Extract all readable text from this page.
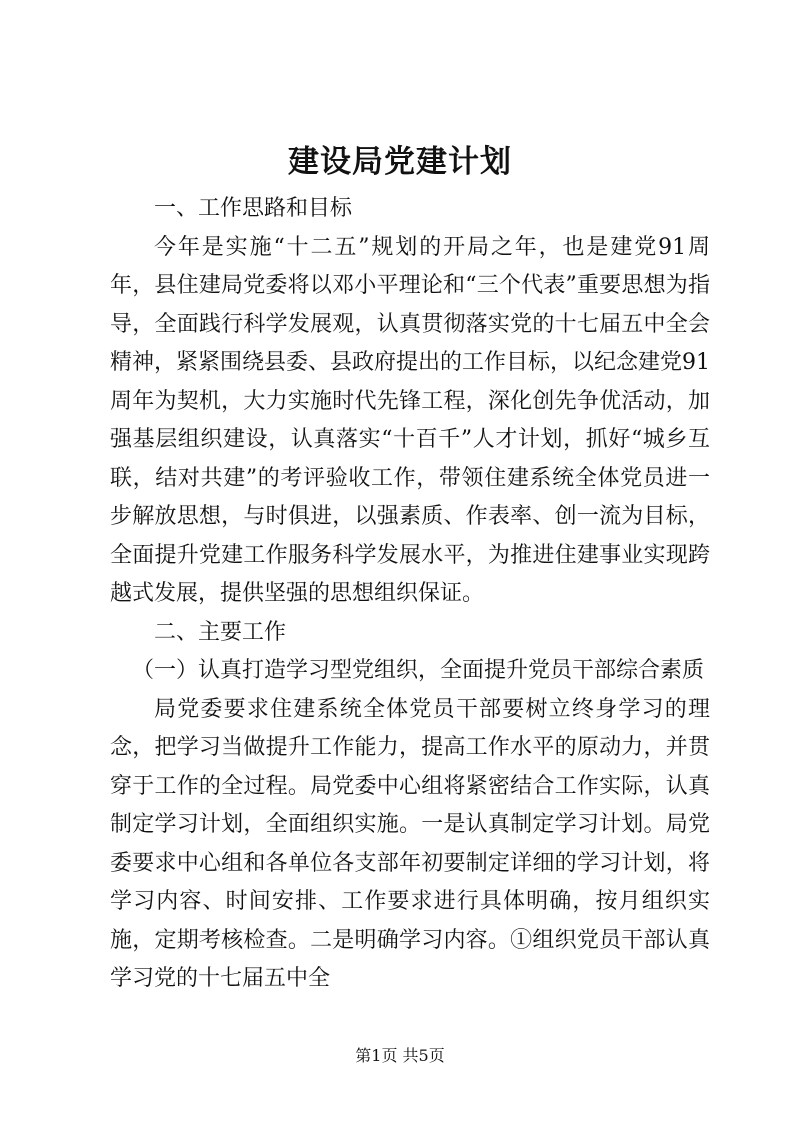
建设局党建计划

一、工作思路和目标

今年是实施“十二五”规划的开局之年，也是建党91周年，县住建局党委将以邓小平理论和“三个代表”重要思想为指导，全面践行科学发展观，认真贯彻落实党的十七届五中全会精神，紧紧围绕县委、县政府提出的工作目标，以纪念建党91周年为契机，大力实施时代先锋工程，深化创先争优活动，加强基层组织建设，认真落实“十百千”人才计划，抓好“城乡互联，结对共建”的考评验收工作，带领住建系统全体党员进一步解放思想，与时俱进，以强素质、作表率、创一流为目标，全面提升党建工作服务科学发展水平，为推进住建事业实现跨越式发展，提供坚强的思想组织保证。

二、主要工作

（一）认真打造学习型党组织，全面提升党员干部综合素质

局党委要求住建系统全体党员干部要树立终身学习的理念，把学习当做提升工作能力，提高工作水平的原动力，并贯穿于工作的全过程。局党委中心组将紧密结合工作实际，认真制定学习计划，全面组织实施。一是认真制定学习计划。局党委要求中心组和各单位各支部年初要制定详细的学习计划，将学习内容、时间安排、工作要求进行具体明确，按月组织实施，定期考核检查。二是明确学习内容。①组织党员干部认真学习党的十七届五中全

第1页 共5页
